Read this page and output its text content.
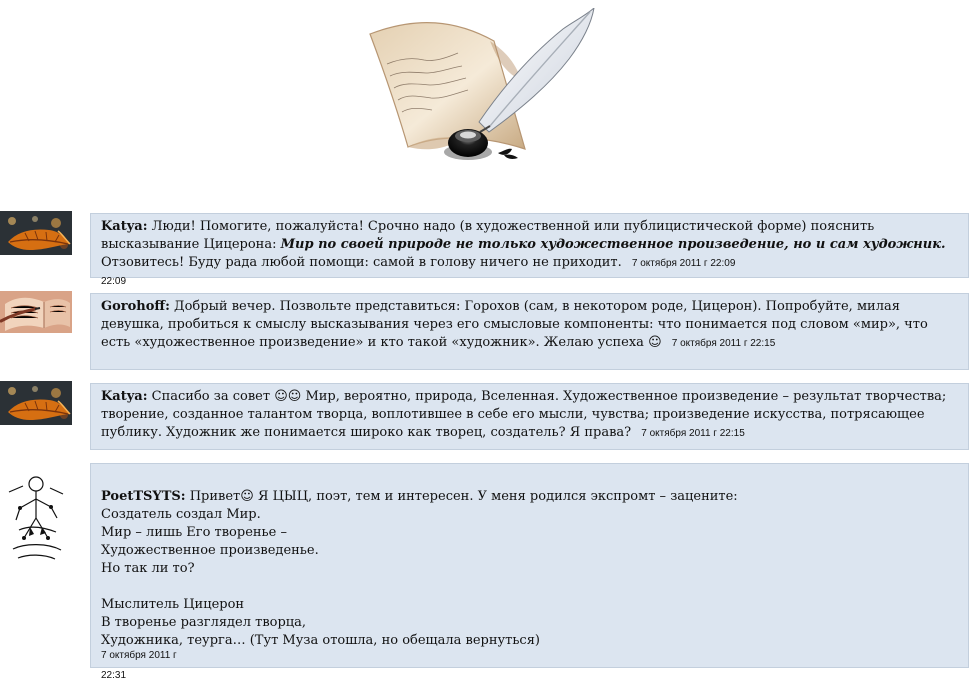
Katya: Люди! Помогите, пожалуйста! Срочно надо (в художественной или публицистической форме) пояснить высказывание Цицерона: Мир по своей природе не только художественное произведение, но и сам художник.
Отзовитесь! Буду рада любой помощи: самой в голову ничего не приходит. 7 октября 2011 г 22:09
22:09
Gorohoff: Добрый вечер. Позвольте представиться: Горохов (сам, в некотором роде, Цицерон). Попробуйте, милая девушка, пробиться к смыслу высказывания через его смысловые компоненты: что понимается под словом «мир», что есть «художественное произведение» и кто такой «художник». Желаю успеха ☺ 7 октября 2011 г 22:15
Katya: Спасибо за совет ☺☺ Мир, вероятно, природа, Вселенная. Художественное произведение – результат творчества; творение, созданное талантом творца, воплотившее в себе его мысли, чувства; произведение искусства, потрясающее публику. Художник же понимается широко как творец, создатель? Я права? 7 октября 2011 г 22:15
PoetTSYTS: Привет☺ Я ЦЫЦ, поэт, тем и интересен. У меня родился экспромт – зацените:
Создатель создал Мир.
Мир – лишь Его творенье –
Художественное произведенье.
Но так ли то?
Мыслитель Цицерон
В творенье разглядел творца,
Художника, теурга… (Тут Муза отошла, но обещала вернуться)
7 октября 2011 г
22:31
